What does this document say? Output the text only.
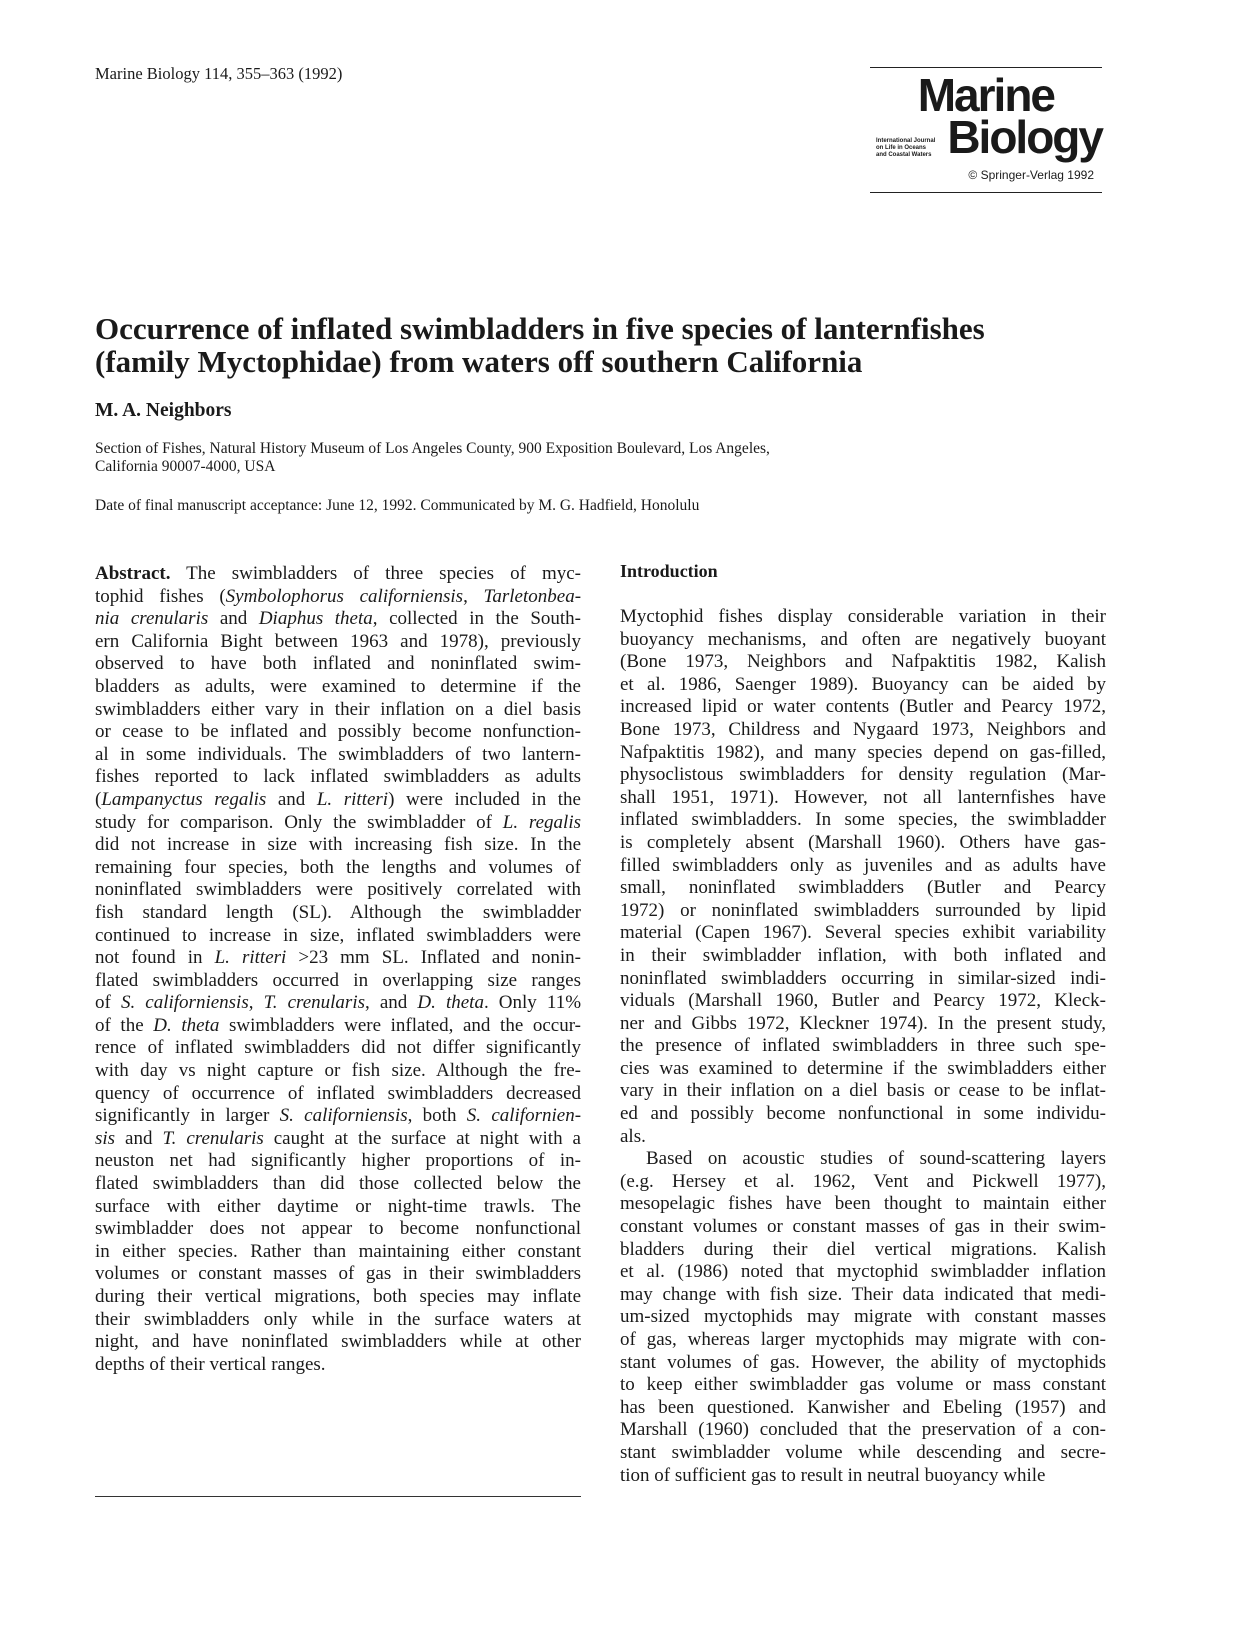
Marine Biology 114, 355–363 (1992)	Marine
International Journal
on Life in Oceans
and Coastal Waters Biology
© Springer-Verlag 1992
Occurrence of inflated swimbladders in five species of lanternfishes
(family Myctophidae) from waters off southern California
M. A. Neighbors
Section of Fishes, Natural History Museum of Los Angeles County, 900 Exposition Boulevard, Los Angeles,
California 90007-4000, USA
Date of final manuscript acceptance: June 12, 1992. Communicated by M. G. Hadfield, Honolulu
Abstract. The swimbladders of three species of myc-
tophid fishes (Symbolophorus californiensis, Tarletonbea-
nia crenularis and Diaphus theta, collected in the South-
ern California Bight between 1963 and 1978), previously
observed to have both inflated and noninflated swim-
bladders as adults, were examined to determine if the
swimbladders either vary in their inflation on a diel basis
or cease to be inflated and possibly become nonfunction-
al in some individuals. The swimbladders of two lantern-
fishes reported to lack inflated swimbladders as adults
(Lampanyctus regalis and L. ritteri) were included in the
study for comparison. Only the swimbladder of L. regalis
did not increase in size with increasing fish size. In the
remaining four species, both the lengths and volumes of
noninflated swimbladders were positively correlated with
fish standard length (SL). Although the swimbladder
continued to increase in size, inflated swimbladders were
not found in L. ritteri >23 mm SL. Inflated and nonin-
flated swimbladders occurred in overlapping size ranges
of S. californiensis, T. crenularis, and D. theta. Only 11%
of the D. theta swimbladders were inflated, and the occur-
rence of inflated swimbladders did not differ significantly
with day vs night capture or fish size. Although the fre-
quency of occurrence of inflated swimbladders decreased
significantly in larger S. californiensis, both S. californien-
sis and T. crenularis caught at the surface at night with a
neuston net had significantly higher proportions of in-
flated swimbladders than did those collected below the
surface with either daytime or night-time trawls. The
swimbladder does not appear to become nonfunctional
in either species. Rather than maintaining either constant
volumes or constant masses of gas in their swimbladders
during their vertical migrations, both species may inflate
their swimbladders only while in the surface waters at
night, and have noninflated swimbladders while at other
depths of their vertical ranges.
Introduction
Myctophid fishes display considerable variation in their
buoyancy mechanisms, and often are negatively buoyant
(Bone 1973, Neighbors and Nafpaktitis 1982, Kalish
et al. 1986, Saenger 1989). Buoyancy can be aided by
increased lipid or water contents (Butler and Pearcy 1972,
Bone 1973, Childress and Nygaard 1973, Neighbors and
Nafpaktitis 1982), and many species depend on gas-filled,
physoclistous swimbladders for density regulation (Mar-
shall 1951, 1971). However, not all lanternfishes have
inflated swimbladders. In some species, the swimbladder
is completely absent (Marshall 1960). Others have gas-
filled swimbladders only as juveniles and as adults have
small, noninflated swimbladders (Butler and Pearcy
1972) or noninflated swimbladders surrounded by lipid
material (Capen 1967). Several species exhibit variability
in their swimbladder inflation, with both inflated and
noninflated swimbladders occurring in similar-sized indi-
viduals (Marshall 1960, Butler and Pearcy 1972, Kleck-
ner and Gibbs 1972, Kleckner 1974). In the present study,
the presence of inflated swimbladders in three such spe-
cies was examined to determine if the swimbladders either
vary in their inflation on a diel basis or cease to be inflat-
ed and possibly become nonfunctional in some individu-
als.
Based on acoustic studies of sound-scattering layers
(e.g. Hersey et al. 1962, Vent and Pickwell 1977),
mesopelagic fishes have been thought to maintain either
constant volumes or constant masses of gas in their swim-
bladders during their diel vertical migrations. Kalish
et al. (1986) noted that myctophid swimbladder inflation
may change with fish size. Their data indicated that medi-
um-sized myctophids may migrate with constant masses
of gas, whereas larger myctophids may migrate with con-
stant volumes of gas. However, the ability of myctophids
to keep either swimbladder gas volume or mass constant
has been questioned. Kanwisher and Ebeling (1957) and
Marshall (1960) concluded that the preservation of a con-
stant swimbladder volume while descending and secre-
tion of sufficient gas to result in neutral buoyancy while
